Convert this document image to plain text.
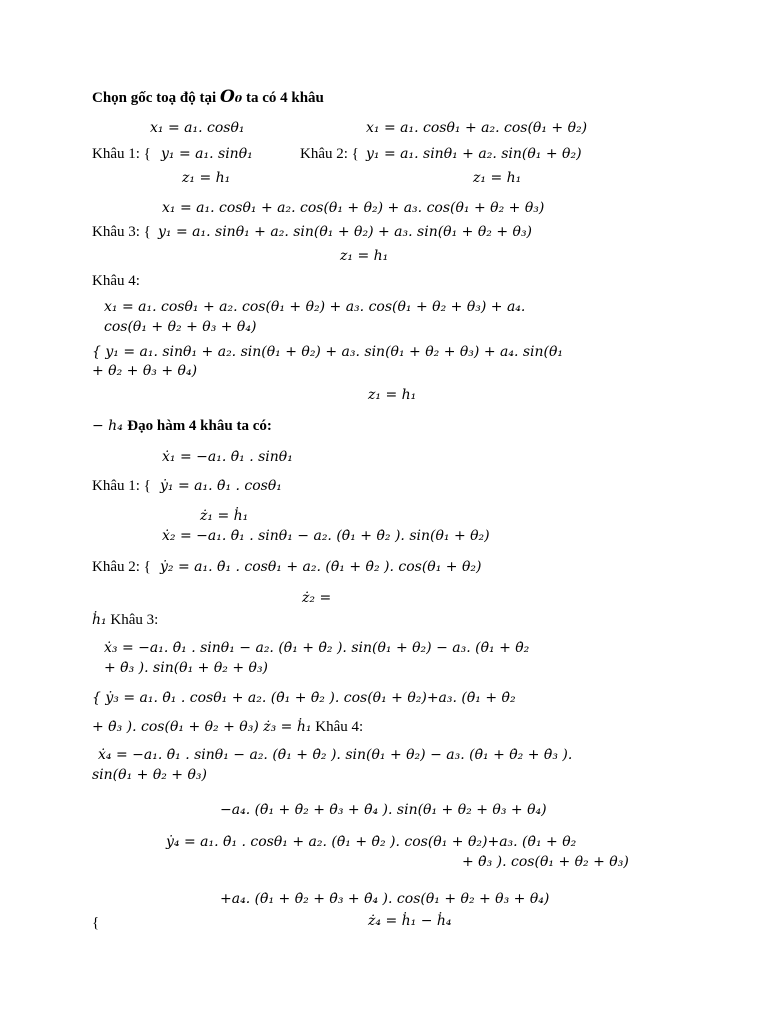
Chọn gốc toạ độ tại O₀ ta có 4 khâu
x₁ = a₁. cosθ₁	x₁ = a₁. cosθ₁ + a₂. cos(θ₁ + θ₂)
Khâu 1: { y₁ = a₁. sinθ₁	Khâu 2: { y₁ = a₁. sinθ₁ + a₂. sin(θ₁ + θ₂)
z₁ = h₁	z₁ = h₁
x₁ = a₁. cosθ₁ + a₂. cos(θ₁ + θ₂) + a₃. cos(θ₁ + θ₂ + θ₃)
Khâu 3: { y₁ = a₁. sinθ₁ + a₂. sin(θ₁ + θ₂) + a₃. sin(θ₁ + θ₂ + θ₃)
z₁ = h₁
Khâu 4:
x₁ = a₁. cosθ₁ + a₂. cos(θ₁ + θ₂) + a₃. cos(θ₁ + θ₂ + θ₃) + a₄.
cos(θ₁ + θ₂ + θ₃ + θ₄)
{ y₁ = a₁. sinθ₁ + a₂. sin(θ₁ + θ₂) + a₃. sin(θ₁ + θ₂ + θ₃) + a₄. sin(θ₁
+ θ₂ + θ₃ + θ₄)
z₁ = h₁
− h₄ Đạo hàm 4 khâu ta có:
ẋ₁ = −a₁. θ̇₁ . sinθ₁
Khâu 1: { ẏ₁ = a₁. θ̇₁ . cosθ₁
ż₁ = ḣ₁
ẋ₂ = −a₁. θ̇₁ . sinθ₁ − a₂. (θ̇₁ + θ̇₂ ). sin(θ₁ + θ₂)
Khâu 2: { ẏ₂ = a₁. θ̇₁ . cosθ₁ + a₂. (θ̇₁ + θ̇₂ ). cos(θ₁ + θ₂)
ż₂ =
ḣ₁ Khâu 3:
ẋ₃ = −a₁. θ̇₁ . sinθ₁ − a₂. (θ̇₁ + θ̇₂ ). sin(θ₁ + θ₂) − a₃. (θ̇₁ + θ̇₂
+ θ̇₃ ). sin(θ₁ + θ₂ + θ₃)
{ ẏ₃ = a₁. θ̇₁ . cosθ₁ + a₂. (θ̇₁ + θ̇₂ ). cos(θ₁ + θ₂)+a₃. (θ̇₁ + θ̇₂
+ θ̇₃ ). cos(θ₁ + θ₂ + θ₃) ż₃ = ḣ₁ Khâu 4:
ẋ₄ = −a₁. θ̇₁ . sinθ₁ − a₂. (θ̇₁ + θ̇₂ ). sin(θ₁ + θ₂) − a₃. (θ̇₁ + θ̇₂ + θ̇₃ ).
sin(θ₁ + θ₂ + θ₃)
−a₄. (θ̇₁ + θ̇₂ + θ̇₃ + θ̇₄ ). sin(θ₁ + θ₂ + θ₃ + θ₄)
ẏ₄ = a₁. θ̇₁ . cosθ₁ + a₂. (θ̇₁ + θ̇₂ ). cos(θ₁ + θ₂)+a₃. (θ̇₁ + θ₂
+ θ̇₃ ). cos(θ₁ + θ₂ + θ₃)
+a₄. (θ̇₁ + θ̇₂ + θ̇₃ + θ̇₄ ). cos(θ₁ + θ₂ + θ₃ + θ₄)
{	ż₄ = ḣ₁ − ḣ₄
